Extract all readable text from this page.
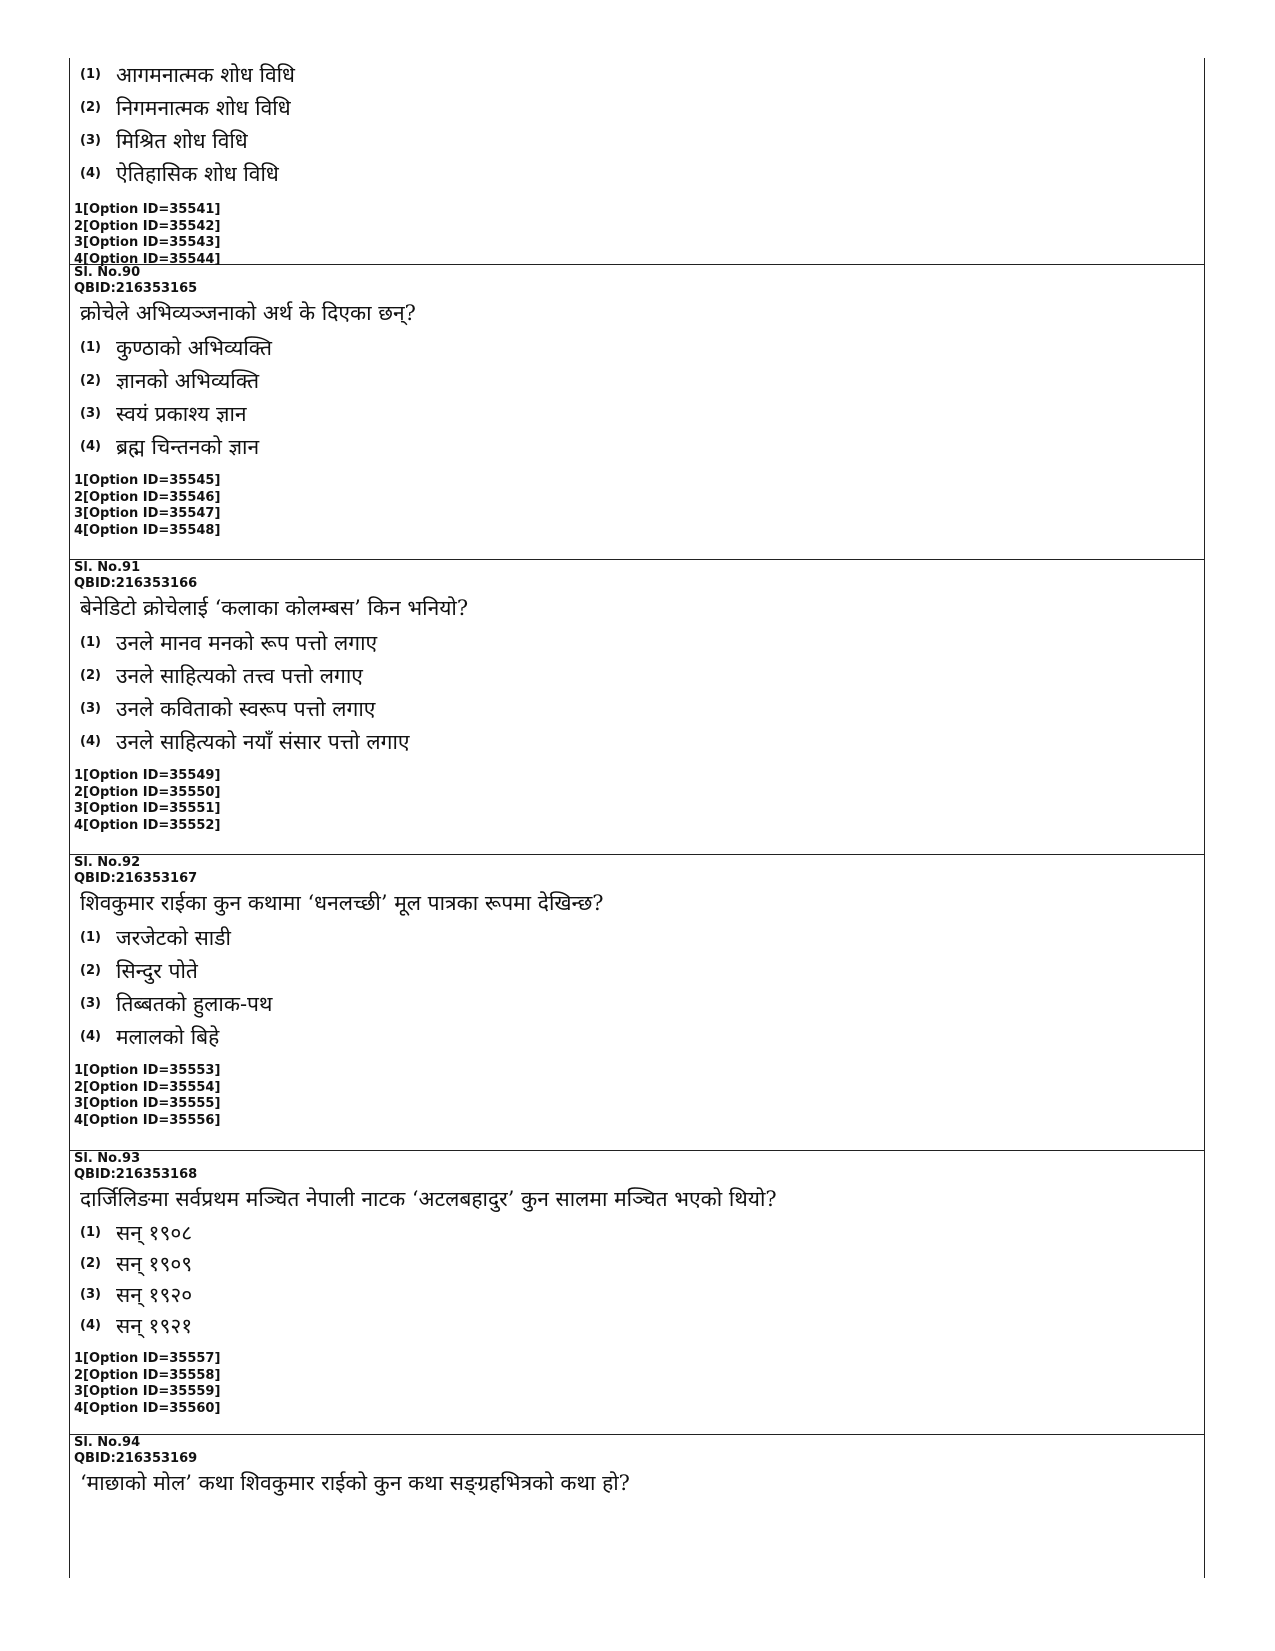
(1) आगमनात्मक शोध विधि
(2) निगमनात्मक शोध विधि
(3) मिश्रित शोध विधि
(4) ऐतिहासिक शोध विधि
1[Option ID=35541]
2[Option ID=35542]
3[Option ID=35543]
4[Option ID=35544]
Sl. No.90
QBID:216353165
क्रोचेले अभिव्यञ्जनाको अर्थ के दिएका छन्?
(1) कुण्ठाको अभिव्यक्ति
(2) ज्ञानको अभिव्यक्ति
(3) स्वयं प्रकाश्य ज्ञान
(4) ब्रह्म चिन्तनको ज्ञान
1[Option ID=35545]
2[Option ID=35546]
3[Option ID=35547]
4[Option ID=35548]
Sl. No.91
QBID:216353166
बेनेडिटो क्रोचेलाई ‘कलाका कोलम्बस’ किन भनियो?
(1) उनले मानव मनको रूप पत्तो लगाए
(2) उनले साहित्यको तत्त्व पत्तो लगाए
(3) उनले कविताको स्वरूप पत्तो लगाए
(4) उनले साहित्यको नयाँ संसार पत्तो लगाए
1[Option ID=35549]
2[Option ID=35550]
3[Option ID=35551]
4[Option ID=35552]
Sl. No.92
QBID:216353167
शिवकुमार राईका कुन कथामा ‘धनलच्छी’ मूल पात्रका रूपमा देखिन्छ?
(1) जरजेटको साडी
(2) सिन्दुर पोते
(3) तिब्बतको हुलाक-पथ
(4) मलालको बिहे
1[Option ID=35553]
2[Option ID=35554]
3[Option ID=35555]
4[Option ID=35556]
Sl. No.93
QBID:216353168
दार्जिलिङमा सर्वप्रथम मञ्चित नेपाली नाटक ‘अटलबहादुर’ कुन सालमा मञ्चित भएको थियो?
(1) सन् १९०८
(2) सन् १९०९
(3) सन् १९२०
(4) सन् १९२१
1[Option ID=35557]
2[Option ID=35558]
3[Option ID=35559]
4[Option ID=35560]
Sl. No.94
QBID:216353169
‘माछाको मोल’ कथा शिवकुमार राईको कुन कथा सङ्ग्रहभित्रको कथा हो?
